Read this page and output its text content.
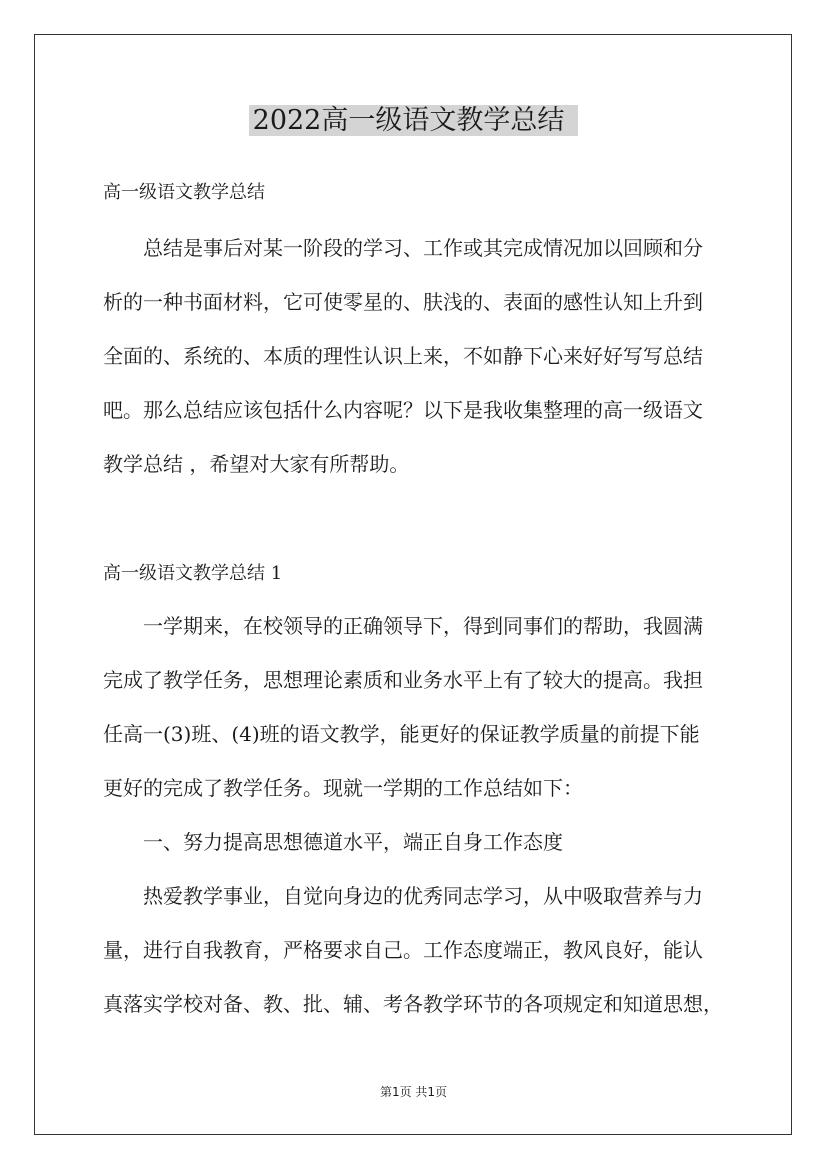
2022高一级语文教学总结
高一级语文教学总结
总结是事后对某一阶段的学习、工作或其完成情况加以回顾和分
析的一种书面材料，它可使零星的、肤浅的、表面的感性认知上升到
全面的、系统的、本质的理性认识上来，不如静下心来好好写写总结
吧。那么总结应该包括什么内容呢？以下是我收集整理的高一级语文
教学总结 ，希望对大家有所帮助。
高一级语文教学总结 1
一学期来，在校领导的正确领导下，得到同事们的帮助，我圆满
完成了教学任务，思想理论素质和业务水平上有了较大的提高。我担
任高一(3)班、(4)班的语文教学，能更好的保证教学质量的前提下能
更好的完成了教学任务。现就一学期的工作总结如下：
一、努力提高思想德道水平，端正自身工作态度
热爱教学事业，自觉向身边的优秀同志学习，从中吸取营养与力
量，进行自我教育，严格要求自己。工作态度端正，教风良好，能认
真落实学校对备、教、批、辅、考各教学环节的各项规定和知道思想，
第1页 共1页
